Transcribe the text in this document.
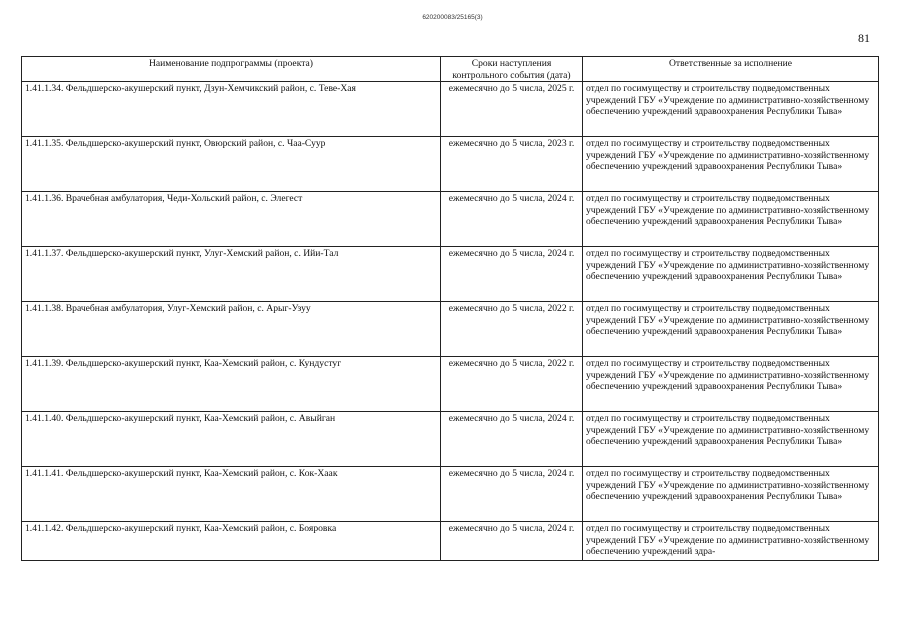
620200083/25165(3)
81
Наименование подпрограммы (проекта)	Сроки наступления контрольного события (дата)	Ответственные за исполнение
1.41.1.34. Фельдшерско-акушерский пункт, Дзун-Хемчикский район, с. Теве-Хая	ежемесячно до 5 числа, 2025 г.	отдел по госимуществу и строительству подведомственных учреждений ГБУ «Учреждение по административно-хозяйственному обеспечению учреждений здравоохранения Республики Тыва»
1.41.1.35. Фельдшерско-акушерский пункт, Овюрский район, с. Чаа-Суур	ежемесячно до 5 числа, 2023 г.	отдел по госимуществу и строительству подведомственных учреждений ГБУ «Учреждение по административно-хозяйственному обеспечению учреждений здравоохранения Республики Тыва»
1.41.1.36. Врачебная амбулатория, Чеди-Хольский район, с. Элегест	ежемесячно до 5 числа, 2024 г.	отдел по госимуществу и строительству подведомственных учреждений ГБУ «Учреждение по административно-хозяйственному обеспечению учреждений здравоохранения Республики Тыва»
1.41.1.37. Фельдшерско-акушерский пункт, Улуг-Хемский район, с. Ийи-Тал	ежемесячно до 5 числа, 2024 г.	отдел по госимуществу и строительству подведомственных учреждений ГБУ «Учреждение по административно-хозяйственному обеспечению учреждений здравоохранения Республики Тыва»
1.41.1.38. Врачебная амбулатория, Улуг-Хемский район, с. Арыг-Узуу	ежемесячно до 5 числа, 2022 г.	отдел по госимуществу и строительству подведомственных учреждений ГБУ «Учреждение по административно-хозяйственному обеспечению учреждений здравоохранения Республики Тыва»
1.41.1.39. Фельдшерско-акушерский пункт, Каа-Хемский район, с. Кундустуг	ежемесячно до 5 числа, 2022 г.	отдел по госимуществу и строительству подведомственных учреждений ГБУ «Учреждение по административно-хозяйственному обеспечению учреждений здравоохранения Республики Тыва»
1.41.1.40. Фельдшерско-акушерский пункт, Каа-Хемский район, с. Авыйган	ежемесячно до 5 числа, 2024 г.	отдел по госимуществу и строительству подведомственных учреждений ГБУ «Учреждение по административно-хозяйственному обеспечению учреждений здравоохранения Республики Тыва»
1.41.1.41. Фельдшерско-акушерский пункт, Каа-Хемский район, с. Кок-Хаак	ежемесячно до 5 числа, 2024 г.	отдел по госимуществу и строительству подведомственных учреждений ГБУ «Учреждение по административно-хозяйственному обеспечению учреждений здравоохранения Республики Тыва»
1.41.1.42. Фельдшерско-акушерский пункт, Каа-Хемский район, с. Бояровка	ежемесячно до 5 числа, 2024 г.	отдел по госимуществу и строительству подведомственных учреждений ГБУ «Учреждение по административно-хозяйственному обеспечению учреждений здра-
